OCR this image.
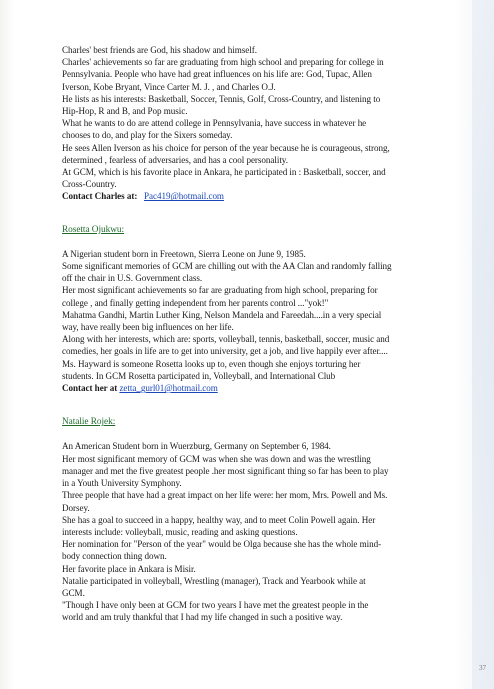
Charles' best friends are God, his shadow and himself.
Charles' achievements so far are graduating from high school and preparing for college in
Pennsylvania. People who have had great influences on his life are: God, Tupac, Allen
Iverson, Kobe Bryant, Vince Carter M. J. , and Charles O.J.
He lists as his interests: Basketball, Soccer, Tennis, Golf, Cross-Country, and listening to
Hip-Hop, R and B, and Pop music.
What he wants to do are attend college in Pennsylvania, have success in whatever he
chooses to do, and play for the Sixers someday.
He sees Allen Iverson as his choice for person of the year because he is courageous, strong,
determined , fearless of adversaries, and has a cool personality.
At GCM, which is his favorite place in Ankara, he participated in : Basketball, soccer, and
Cross-Country.
Contact Charles at: Pac419@hotmail.com
Rosetta Ojukwu:
A Nigerian student born in Freetown, Sierra Leone on June 9, 1985.
Some significant memories of GCM are chilling out with the AA Clan and randomly falling
off the chair in U.S. Government class.
Her most significant achievements so far are graduating from high school, preparing for
college , and finally getting independent from her parents control ..."yok!"
Mahatma Gandhi, Martin Luther King, Nelson Mandela and Fareedah....in a very special
way, have really been big influences on her life.
Along with her interests, which are: sports, volleyball, tennis, basketball, soccer, music and
comedies, her goals in life are to get into university, get a job, and live happily ever after....
Ms. Hayward is someone Rosetta looks up to, even though she enjoys torturing her
students. In GCM Rosetta participated in, Volleyball, and International Club
Contact her at zetta_gurl01@hotmail.com
Natalie Rojek:
An American Student born in Wuerzburg, Germany on September 6, 1984.
Her most significant memory of GCM was when she was down and was the wrestling
manager and met the five greatest people .her most significant thing so far has been to play
in a Youth University Symphony.
Three people that have had a great impact on her life were: her mom, Mrs. Powell and Ms.
Dorsey.
She has a goal to succeed in a happy, healthy way, and to meet Colin Powell again. Her
interests include: volleyball, music, reading and asking questions.
Her nomination for "Person of the year" would be Olga because she has the whole mind-
body connection thing down.
Her favorite place in Ankara is Misir.
Natalie participated in volleyball, Wrestling (manager), Track and Yearbook while at
GCM.
"Though I have only been at GCM for two years I have met the greatest people in the
world and am truly thankful that I had my life changed in such a positive way.
37
